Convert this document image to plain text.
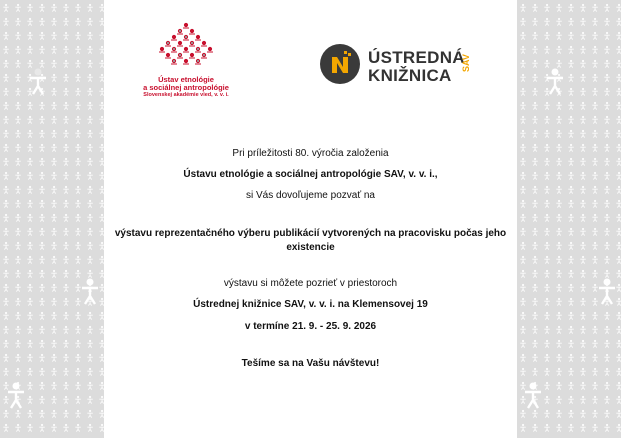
Ústav etnológie
a sociálnej antropológie
Slovenskej akadémie vied, v. v. i.
ÚSTREDNÁ
KNIŽNICA
SAV
Pri príležitosti 80. výročia založenia
Ústavu etnológie a sociálnej antropológie SAV, v. v. i.,
si Vás dovoľujeme pozvať na
výstavu reprezentačného výberu publikácií vytvorených na pracovisku počas jeho
existencie
výstavu si môžete pozrieť v priestoroch
Ústrednej knižnice SAV, v. v. i. na Klemensovej 19
v termíne 21. 9. - 25. 9. 2026
Tešíme sa na Vašu návštevu!
